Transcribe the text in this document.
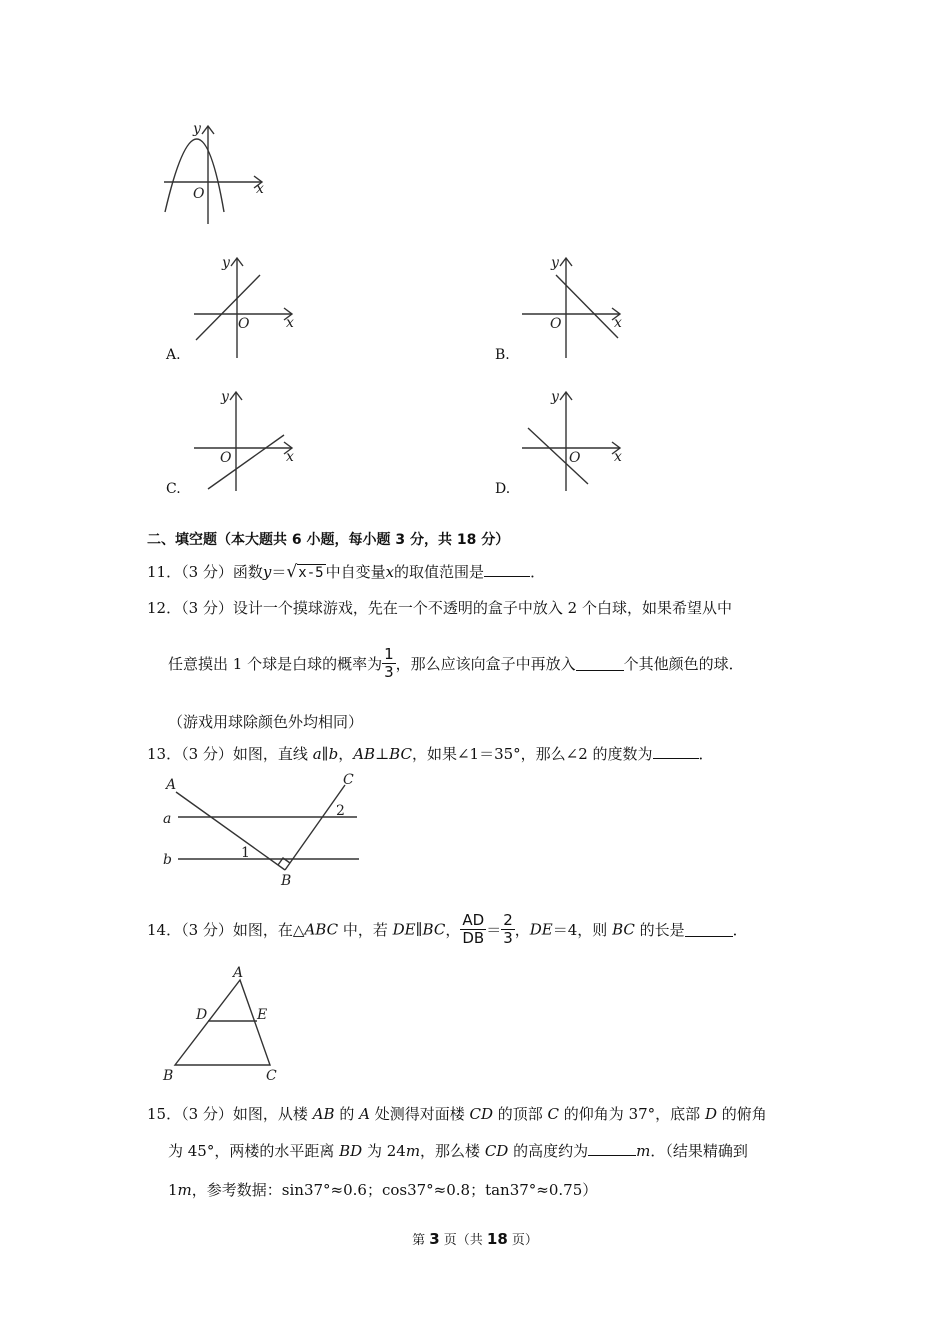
y
x
O
y
x
O
A.
y
x
O
B.
y
x
O
C.
y
x
O
D.
二、填空题（本大题共 6 小题，每小题 3 分，共 18 分）
11．（3 分）函数y＝√x-5 中自变量x的取值范围是	．
12．（3 分）设计一个摸球游戏，先在一个不透明的盒子中放入 2 个白球，如果希望从中
任意摸出 1 个球是白球的概率为 $\frac{1}{3}$ ，那么应该向盒子中再放入	个其他颜色的球．
（游戏用球除颜色外均相同）
13．（3 分）如图，直线 a∥b，AB⊥BC，如果∠1＝35°，那么∠2 的度数为	．
A	C
a
b	1
2
B
14．（3 分）如图，在△ABC 中，若 DE∥BC， $\frac{AD}{DB} = \frac{2}{3}$ ，DE＝4，则 BC 的长是	．
A
D	E
B	C
15．（3 分）如图，从楼 AB 的 A 处测得对面楼 CD 的顶部 C 的仰角为 37°，底部 D 的俯角
为 45°，两楼的水平距离 BD 为 24m，那么楼 CD 的高度约为	m．（结果精确到
1m，参考数据：sin37°≈0.6；cos37°≈0.8；tan37°≈0.75）
第 3 页（共 18 页）
